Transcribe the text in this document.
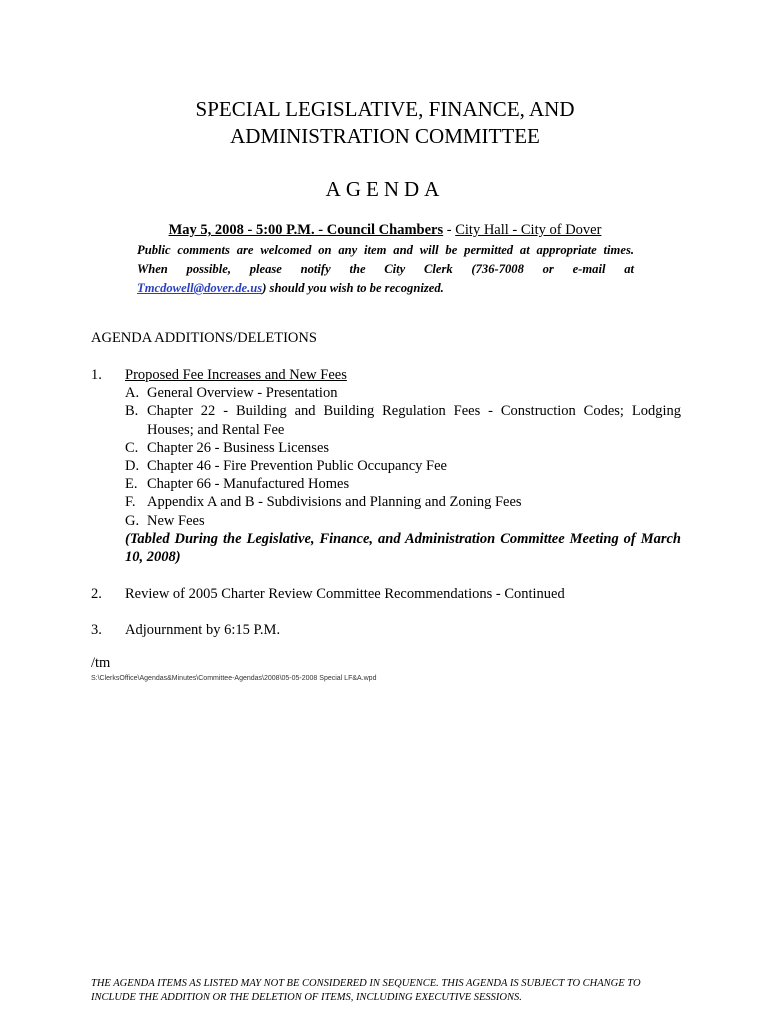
SPECIAL LEGISLATIVE, FINANCE, AND
ADMINISTRATION COMMITTEE
AGENDA
May 5, 2008 - 5:00 P.M. - Council Chambers - City Hall - City of Dover
Public comments are welcomed on any item and will be permitted at appropriate times.
When possible, please notify the City Clerk (736-7008 or e-mail at
Tmcdowell@dover.de.us) should you wish to be recognized.
AGENDA ADDITIONS/DELETIONS
1. Proposed Fee Increases and New Fees
A. General Overview - Presentation
B. Chapter 22 - Building and Building Regulation Fees - Construction Codes; Lodging Houses; and Rental Fee
C. Chapter 26 - Business Licenses
D. Chapter 46 - Fire Prevention Public Occupancy Fee
E. Chapter 66 - Manufactured Homes
F. Appendix A and B - Subdivisions and Planning and Zoning Fees
G. New Fees
(Tabled During the Legislative, Finance, and Administration Committee Meeting of March 10, 2008)
2. Review of 2005 Charter Review Committee Recommendations - Continued
3. Adjournment by 6:15 P.M.
/tm
S:\ClerksOffice\Agendas&Minutes\Committee-Agendas\2008\05-05-2008 Special LF&A.wpd
THE AGENDA ITEMS AS LISTED MAY NOT BE CONSIDERED IN SEQUENCE. THIS AGENDA IS SUBJECT TO CHANGE TO INCLUDE THE ADDITION OR THE DELETION OF ITEMS, INCLUDING EXECUTIVE SESSIONS.
